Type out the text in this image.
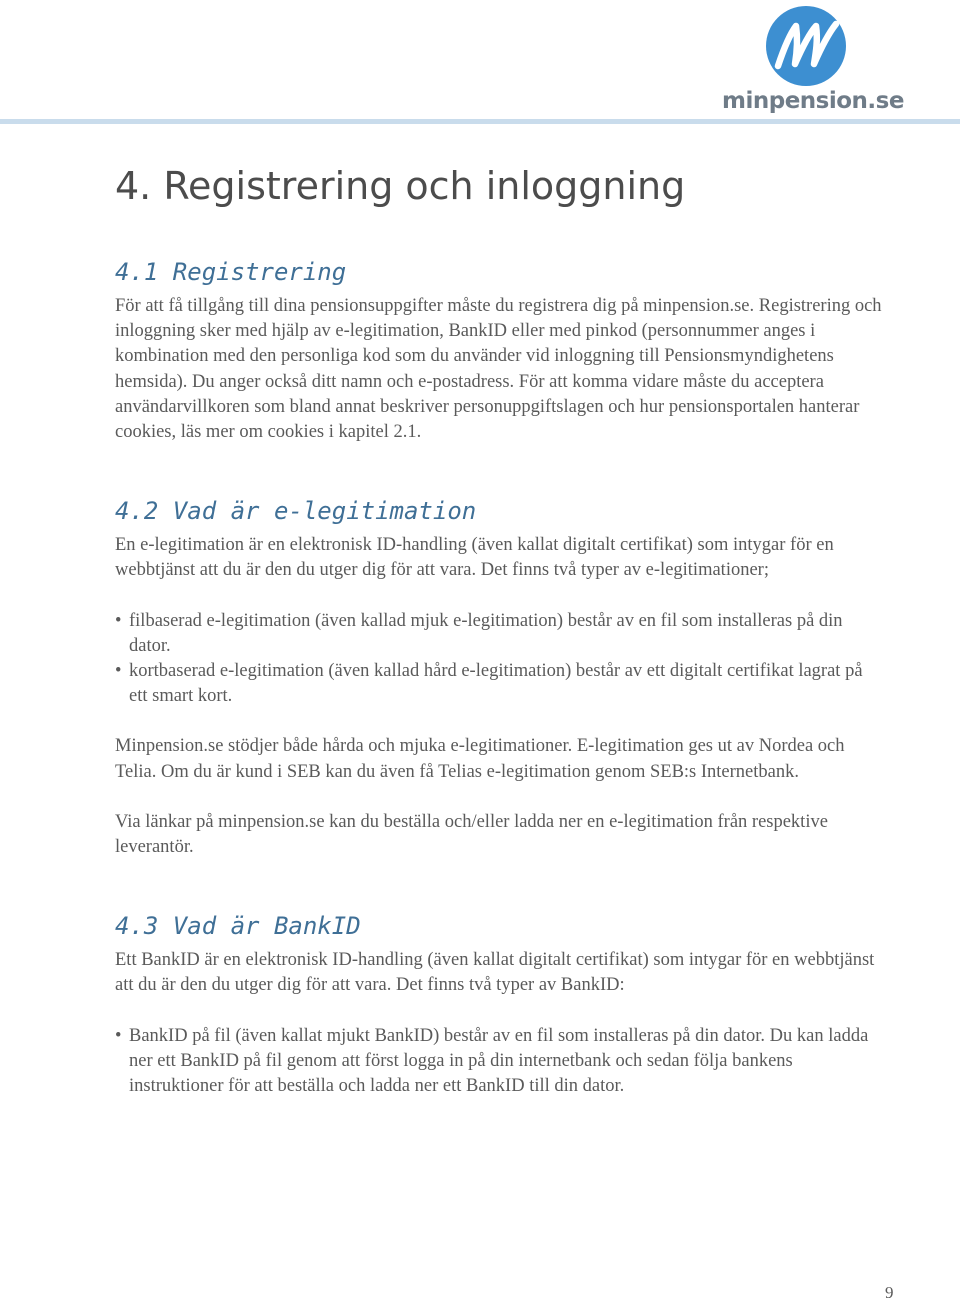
minpension.se
4. Registrering och inloggning
4.1 Registrering

För att få tillgång till dina pensionsuppgifter måste du registrera dig på minpension.se. Registrering och inloggning sker med hjälp av e-legitimation, BankID eller med pinkod (personnummer anges i kombination med den personliga kod som du använder vid inloggning till Pensionsmyndighetens hemsida). Du anger också ditt namn och e-postadress. För att komma vidare måste du acceptera användarvillkoren som bland annat beskriver personuppgiftslagen och hur pensionsportalen hanterar cookies, läs mer om cookies i kapitel 2.1.

4.2 Vad är e-legitimation

En e-legitimation är en elektronisk ID-handling (även kallat digitalt certifikat) som intygar för en webbtjänst att du är den du utger dig för att vara. Det finns två typer av e-legitimationer;

• filbaserad e-legitimation (även kallad mjuk e-legitimation) består av en fil som installeras på din dator.
• kortbaserad e-legitimation (även kallad hård e-legitimation) består av ett digitalt certifikat lagrat på ett smart kort.

Minpension.se stödjer både hårda och mjuka e-legitimationer. E-legitimation ges ut av Nordea och Telia. Om du är kund i SEB kan du även få Telias e-legitimation genom SEB:s Internetbank.

Via länkar på minpension.se kan du beställa och/eller ladda ner en e-legitimation från respektive leverantör.

4.3 Vad är BankID

Ett BankID är en elektronisk ID-handling (även kallat digitalt certifikat) som intygar för en webbtjänst att du är den du utger dig för att vara. Det finns två typer av BankID:

• BankID på fil (även kallat mjukt BankID) består av en fil som installeras på din dator. Du kan ladda ner ett BankID på fil genom att först logga in på din internetbank och sedan följa bankens instruktioner för att beställa och ladda ner ett BankID till din dator.
9
